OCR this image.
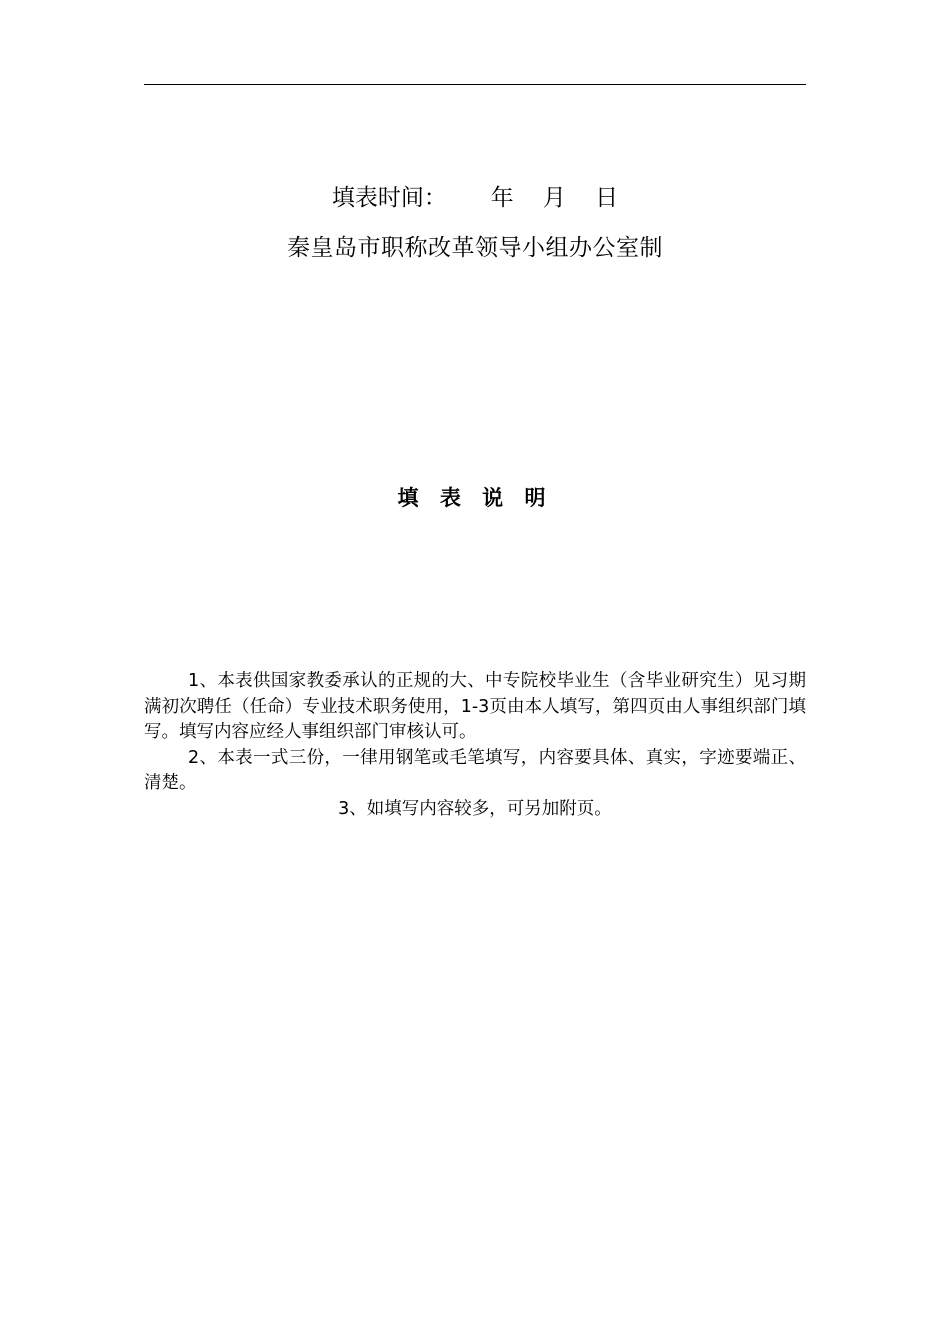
填表时间：      年    月    日
秦皇岛市职称改革领导小组办公室制
填 表 说 明

1、本表供国家教委承认的正规的大、中专院校毕业生（含毕业研究生）见习期满初次聘任（任命）专业技术职务使用，1-3页由本人填写，第四页由人事组织部门填写。填写内容应经人事组织部门审核认可。

2、本表一式三份，一律用钢笔或毛笔填写，内容要具体、真实，字迹要端正、清楚。

3、如填写内容较多，可另加附页。
